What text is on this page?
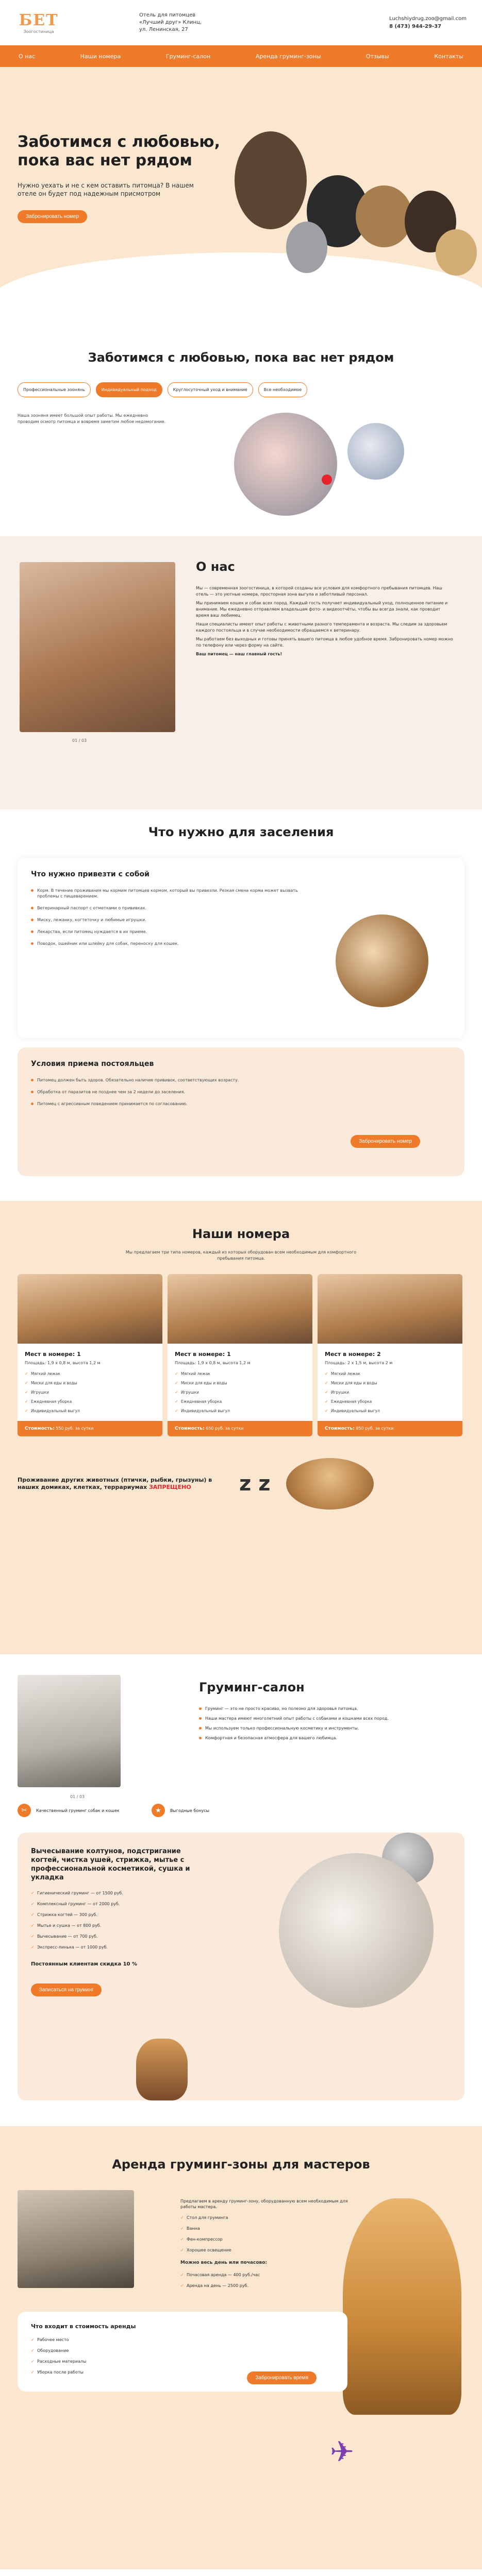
БЕТ
Зоогостиница
Отель для питомцев
«Лучший друг» Клинц,
ул. Ленинская, 27
Luchshiydrug.zoo@gmail.com
8 (473) 944-29-37
О нас	Наши номера	Груминг-салон	Аренда груминг-зоны	Отзывы	Контакты
Заботимся с любовью, пока вас нет рядом

Нужно уехать и не с кем оставить питомца? В нашем отеле он будет под надежным присмотром

Забронировать номер
Заботимся с любовью, пока вас нет рядом
Профессиональные зоонянь	Индивидуальный подход	Круглосуточный уход и внимание	Все необходимое

Наша зооняня имеет большой опыт работы. Мы ежедневно проводим осмотр питомца и вовремя заметим любое недомогание.

01 / 03
О нас

Мы — современная зоогостиница, в которой созданы все условия для комфортного пребывания питомцев. Наш отель — это уютные номера, просторная зона выгула и заботливый персонал.

Мы принимаем кошек и собак всех пород. Каждый гость получает индивидуальный уход, полноценное питание и внимание. Мы ежедневно отправляем владельцам фото- и видеоотчёты, чтобы вы всегда знали, как проводит время ваш любимец.

Наши специалисты имеют опыт работы с животными разного темперамента и возраста. Мы следим за здоровьем каждого постояльца и в случае необходимости обращаемся к ветеринару.

Мы работаем без выходных и готовы принять вашего питомца в любое удобное время. Забронировать номер можно по телефону или через форму на сайте.

Ваш питомец — наш главный гость!

Что нужно для заселения
Что нужно привезти с собой
Корм. В течение проживания мы кормим питомцев кормом, который вы привезли. Резкая смена корма может вызвать проблемы с пищеварением.
Ветеринарный паспорт с отметками о прививках.
Миску, лежанку, когтеточку и любимые игрушки.
Лекарства, если питомец нуждается в их приеме.
Поводок, ошейник или шлейку для собак, переноску для кошек.
Условия приема постояльцев
Питомец должен быть здоров. Обязательно наличие прививок, соответствующих возрасту.
Обработка от паразитов не позднее чем за 2 недели до заселения.
Питомец с агрессивным поведением принимается по согласованию.
Забронировать номер
Наши номера

Мы предлагаем три типа номеров, каждый из которых оборудован всем необходимым для комфортного пребывания питомца.

Мест в номере: 1
Площадь: 1,9 x 0,8 м, высота 1,2 м
✓ Мягкий лежак
✓ Миски для еды и воды
✓ Игрушки
✓ Ежедневная уборка
✓ Индивидуальный выгул
Стоимость: 550 руб. за сутки
Мест в номере: 1
Площадь: 1,9 x 0,8 м, высота 1,2 м
✓ Мягкий лежак
✓ Миски для еды и воды
✓ Игрушки
✓ Ежедневная уборка
✓ Индивидуальный выгул
Стоимость: 650 руб. за сутки
Мест в номере: 2
Площадь: 2 x 1,5 м, высота 2 м
✓ Мягкий лежак
✓ Миски для еды и воды
✓ Игрушки
✓ Ежедневная уборка
✓ Индивидуальный выгул
Стоимость: 850 руб. за сутки

Проживание других животных (птички, рыбки, грызуны) в наших домиках, клетках, террариумах ЗАПРЕЩЕНО	z z
01 / 03
Груминг-салон
Груминг — это не просто красиво, но полезно для здоровья питомца.
Наши мастера имеют многолетний опыт работы с собаками и кошками всех пород.
Мы используем только профессиональную косметику и инструменты.
Комфортная и безопасная атмосфера для вашего любимца.
✂	Качественный груминг собак и кошек	★	Выгодные бонусы
Вычесывание колтунов, подстригание когтей, чистка ушей, стрижка, мытье с профессиональной косметикой, сушка и укладка
✓ Гигиенический груминг — от 1500 руб.
✓ Комплексный груминг — от 2000 руб.
✓ Стрижка когтей — 300 руб.
✓ Мытье и сушка — от 800 руб.
✓ Вычесывание — от 700 руб.
✓ Экспресс-линька — от 1000 руб.
Постоянным клиентам скидка 10 %
Записаться на груминг
Аренда груминг-зоны для мастеров

Предлагаем в аренду груминг-зону, оборудованную всем необходимым для работы мастера.

✓ Стол для груминга
✓ Ванна
✓ Фен-компрессор
✓ Хорошее освещение
Можно весь день или почасово:
✓ Почасовая аренда — 400 руб./час
✓ Аренда на день — 2500 руб.
Что входит в стоимость аренды
✓ Рабочее место
✓ Оборудование
✓ Расходные материалы
✓ Уборка после работы
Забронировать время
✈
